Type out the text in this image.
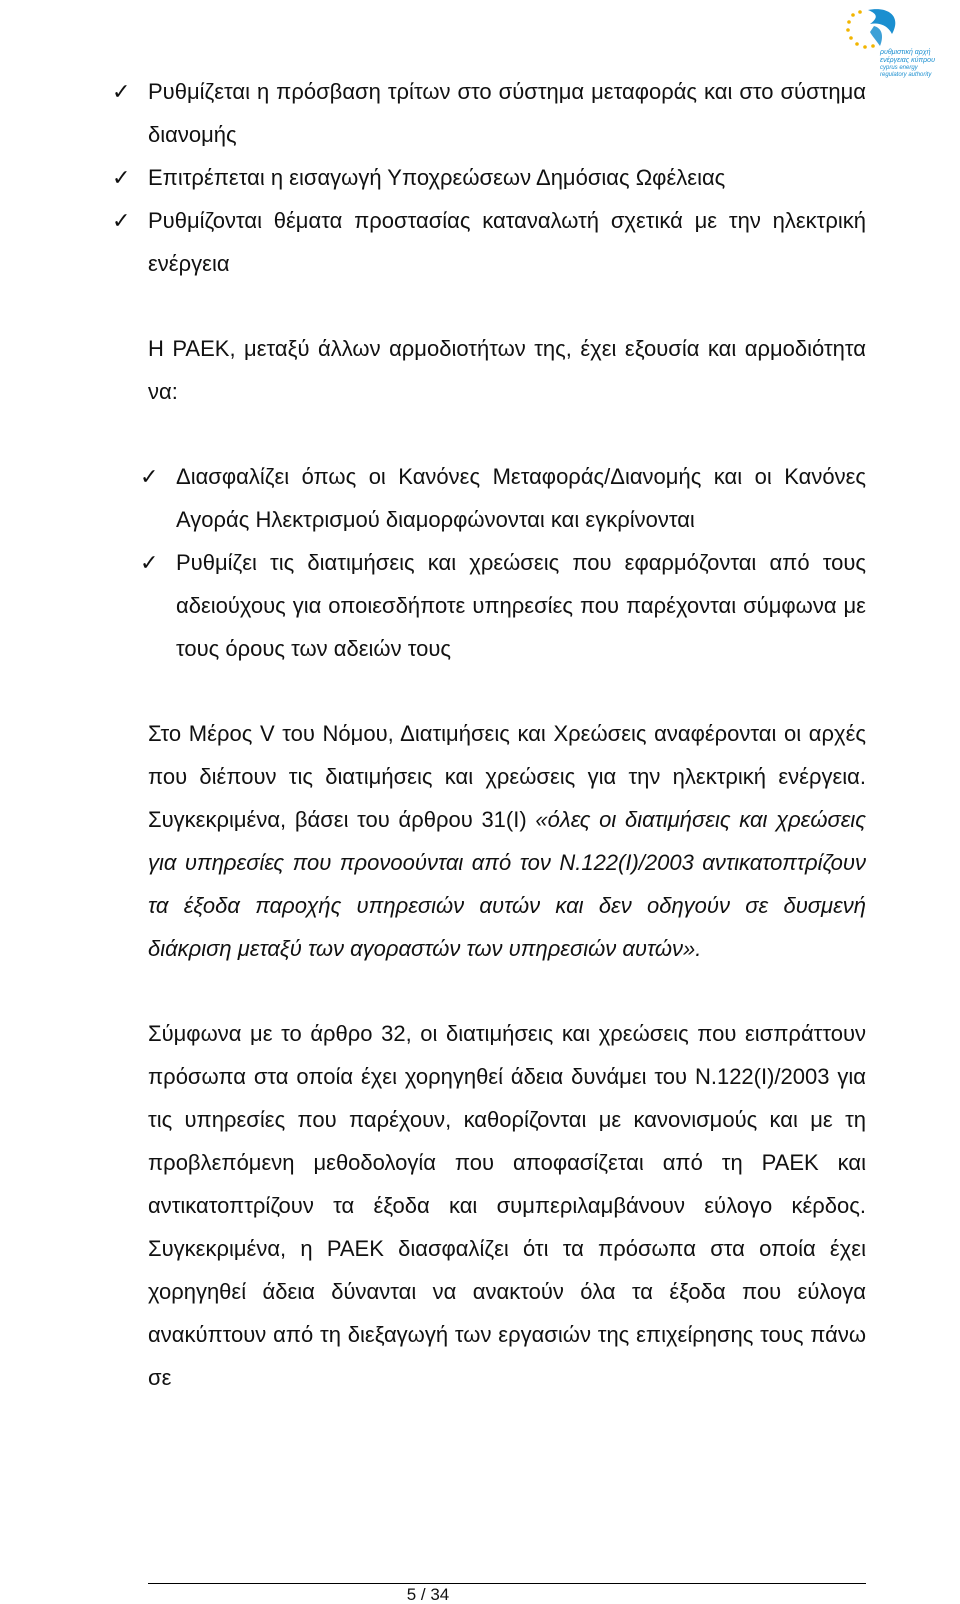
ρυθμιστική αρχή
ενέργειας κύπρου
cyprus energy
regulatory authority
✓ Ρυθμίζεται η πρόσβαση τρίτων στο σύστημα μεταφοράς και στο σύστημα διανομής
✓ Επιτρέπεται η εισαγωγή Υποχρεώσεων Δημόσιας Ωφέλειας
✓ Ρυθμίζονται θέματα προστασίας καταναλωτή σχετικά με την ηλεκτρική ενέργεια

Η ΡΑΕΚ, μεταξύ άλλων αρμοδιοτήτων της, έχει εξουσία και αρμοδιότητα να:

✓ Διασφαλίζει όπως οι Κανόνες Μεταφοράς/Διανομής και οι Κανόνες Αγοράς Ηλεκτρισμού διαμορφώνονται και εγκρίνονται
✓ Ρυθμίζει τις διατιμήσεις και χρεώσεις που εφαρμόζονται από τους αδειούχους για οποιεσδήποτε υπηρεσίες που παρέχονται σύμφωνα με τους όρους των αδειών τους

Στο Μέρος V του Νόμου, Διατιμήσεις και Χρεώσεις αναφέρονται οι αρχές που διέπουν τις διατιμήσεις και χρεώσεις για την ηλεκτρική ενέργεια. Συγκεκριμένα, βάσει του άρθρου 31(Ι) «όλες οι διατιμήσεις και χρεώσεις για υπηρεσίες που προνοούνται από τον Ν.122(Ι)/2003 αντικατοπτρίζουν τα έξοδα παροχής υπηρεσιών αυτών και δεν οδηγούν σε δυσμενή διάκριση μεταξύ των αγοραστών των υπηρεσιών αυτών».

Σύμφωνα με το άρθρο 32, οι διατιμήσεις και χρεώσεις που εισπράττουν πρόσωπα στα οποία έχει χορηγηθεί άδεια δυνάμει του Ν.122(Ι)/2003 για τις υπηρεσίες που παρέχουν, καθορίζονται με κανονισμούς και με τη προβλεπόμενη μεθοδολογία που αποφασίζεται από τη ΡΑΕΚ και αντικατοπτρίζουν τα έξοδα και συμπεριλαμβάνουν εύλογο κέρδος. Συγκεκριμένα, η ΡΑΕΚ διασφαλίζει ότι τα πρόσωπα στα οποία έχει χορηγηθεί άδεια δύνανται να ανακτούν όλα τα έξοδα που εύλογα ανακύπτουν από τη διεξαγωγή των εργασιών της επιχείρησης τους πάνω σε

5 / 34
